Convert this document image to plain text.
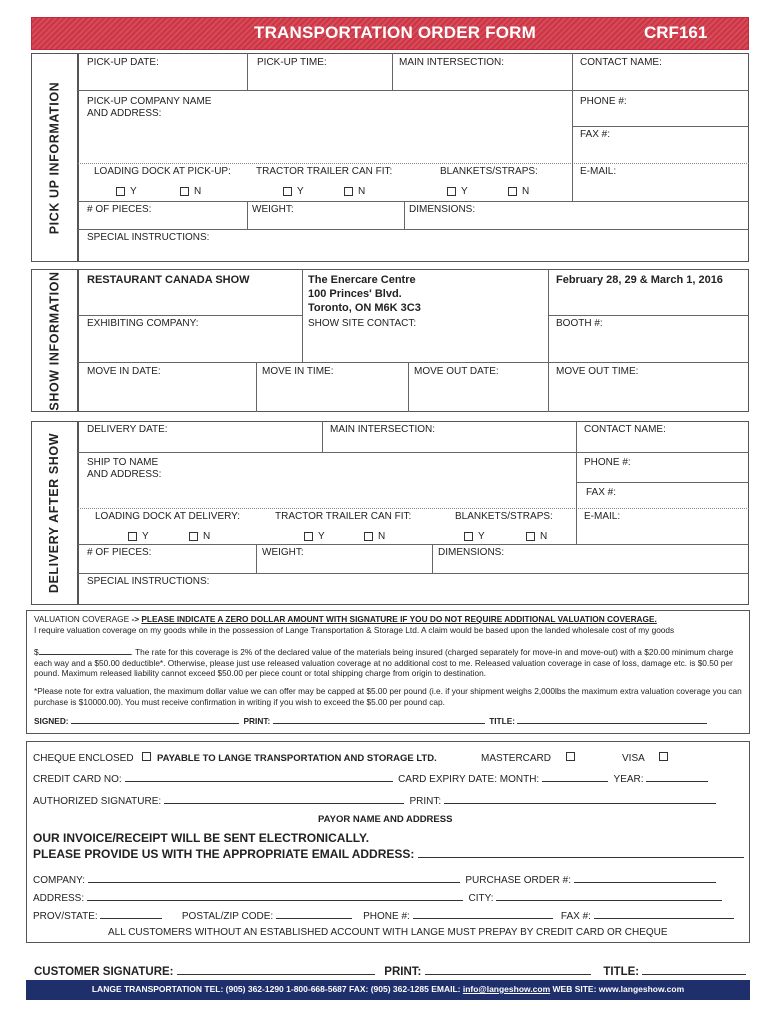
TRANSPORTATION ORDER FORM	CRF161
PICK UP INFORMATION
PICK-UP DATE:	PICK-UP TIME:	MAIN INTERSECTION:	CONTACT NAME:
PICK-UP COMPANY NAME
AND ADDRESS:
PHONE #:
FAX #:
LOADING DOCK AT PICK-UP:	TRACTOR TRAILER CAN FIT:	BLANKETS/STRAPS:	E-MAIL:
Y	N	Y	N	Y	N
# OF PIECES:	WEIGHT:	DIMENSIONS:
SPECIAL INSTRUCTIONS:
SHOW INFORMATION RESTAURANT CANADA SHOW	The Enercare Centre
100 Princes' Blvd.
Toronto, ON M6K 3C3
February 28, 29 & March 1, 2016
EXHIBITING COMPANY:	SHOW SITE CONTACT:	BOOTH #:
MOVE IN DATE:	MOVE IN TIME:	MOVE OUT DATE:	MOVE OUT TIME:
DELIVERY AFTER SHOW
DELIVERY DATE:	MAIN INTERSECTION:	CONTACT NAME:
SHIP TO NAME
AND ADDRESS:
PHONE #:
FAX #:
LOADING DOCK AT DELIVERY:	TRACTOR TRAILER CAN FIT:	BLANKETS/STRAPS:	E-MAIL:
Y	N	Y	N	Y	N
# OF PIECES:	WEIGHT:	DIMENSIONS:
SPECIAL INSTRUCTIONS:
VALUATION COVERAGE -> PLEASE INDICATE A ZERO DOLLAR AMOUNT WITH SIGNATURE IF YOU DO NOT REQUIRE ADDITIONAL VALUATION COVERAGE.
I require valuation coverage on my goods while in the possession of Lange Transportation & Storage Ltd. A claim would be based upon the landed wholesale cost of my goods
$	. The rate for this coverage is 2% of the declared value of the materials being insured (charged separately for move-in and move-out) with a $20.00 minimum charge each way and a $50.00 deductible*. Otherwise, please just use released valuation coverage at no additional cost to me. Released valuation coverage in case of loss, damage etc. is $0.50 per pound. Maximum released liability cannot exceed $50.00 per piece count or total shipping charge from origin to destination.
*Please note for extra valuation, the maximum dollar value we can offer may be capped at $5.00 per pound (i.e. if your shipment weighs 2,000lbs the maximum extra valuation coverage you can purchase is $10000.00). You must receive confirmation in writing if you wish to exceed the $5.00 per pound cap.
SIGNED:	PRINT:	TITLE:
CHEQUE ENCLOSED PAYABLE TO LANGE TRANSPORTATION AND STORAGE LTD.	MASTERCARD	VISA
CREDIT CARD NO:	CARD EXPIRY DATE: MONTH:	YEAR:
AUTHORIZED SIGNATURE:	PRINT:
PAYOR NAME AND ADDRESS
OUR INVOICE/RECEIPT WILL BE SENT ELECTRONICALLY.
PLEASE PROVIDE US WITH THE APPROPRIATE EMAIL ADDRESS:
COMPANY:	PURCHASE ORDER #:
ADDRESS:	CITY:
PROV/STATE:	POSTAL/ZIP CODE:	PHONE #:	FAX #:
ALL CUSTOMERS WITHOUT AN ESTABLISHED ACCOUNT WITH LANGE MUST PREPAY BY CREDIT CARD OR CHEQUE
CUSTOMER SIGNATURE:	PRINT:	TITLE:
LANGE TRANSPORTATION TEL: (905) 362-1290 1-800-668-5687 FAX: (905) 362-1285 EMAIL: info@langeshow.com WEB SITE: www.langeshow.com
